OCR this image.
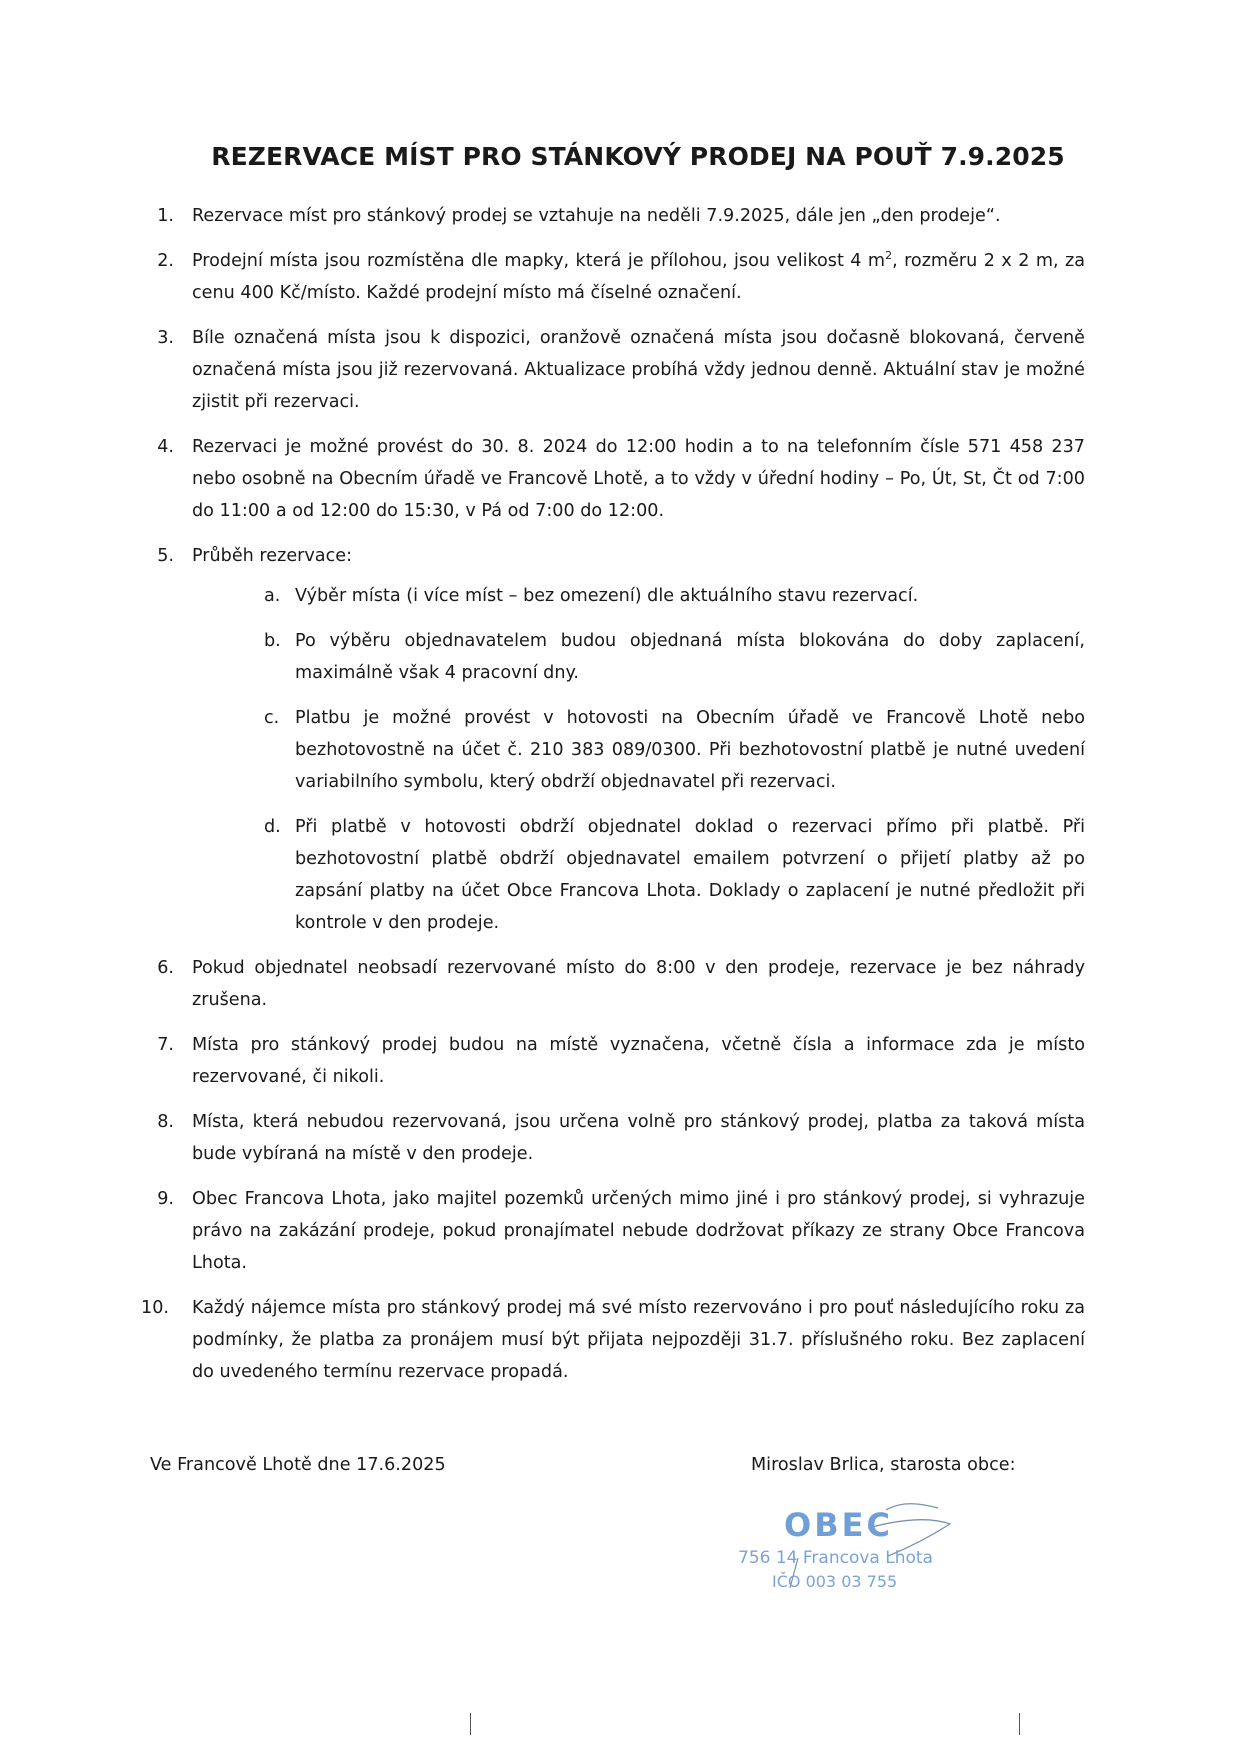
REZERVACE MÍST PRO STÁNKOVÝ PRODEJ NA POUŤ 7.9.2025
1. Rezervace míst pro stánkový prodej se vztahuje na neděli 7.9.2025, dále jen „den prodeje“.
2. Prodejní místa jsou rozmístěna dle mapky, která je přílohou, jsou velikost 4 $m^2$, rozměru 2 x 2 m, za cenu 400 Kč/místo. Každé prodejní místo má číselné označení.
3. Bíle označená místa jsou k dispozici, oranžově označená místa jsou dočasně blokovaná, červeně označená místa jsou již rezervovaná. Aktualizace probíhá vždy jednou denně. Aktuální stav je možné zjistit při rezervaci.
4. Rezervaci je možné provést do 30. 8. 2024 do 12:00 hodin a to na telefonním čísle 571 458 237 nebo osobně na Obecním úřadě ve Francově Lhotě, a to vždy v úřední hodiny – Po, Út, St, Čt od 7:00 do 11:00 a od 12:00 do 15:30, v Pá od 7:00 do 12:00.
5. Průběh rezervace:
a. Výběr místa (i více míst – bez omezení) dle aktuálního stavu rezervací.
b. Po výběru objednavatelem budou objednaná místa blokována do doby zaplacení, maximálně však 4 pracovní dny.
c. Platbu je možné provést v hotovosti na Obecním úřadě ve Francově Lhotě nebo bezhotovostně na účet č. 210 383 089/0300. Při bezhotovostní platbě je nutné uvedení variabilního symbolu, který obdrží objednavatel při rezervaci.
d. Při platbě v hotovosti obdrží objednatel doklad o rezervaci přímo při platbě. Při bezhotovostní platbě obdrží objednavatel emailem potvrzení o přijetí platby až po zapsání platby na účet Obce Francova Lhota. Doklady o zaplacení je nutné předložit při kontrole v den prodeje.
6. Pokud objednatel neobsadí rezervované místo do 8:00 v den prodeje, rezervace je bez náhrady zrušena.
7. Místa pro stánkový prodej budou na místě vyznačena, včetně čísla a informace zda je místo rezervované, či nikoli.
8. Místa, která nebudou rezervovaná, jsou určena volně pro stánkový prodej, platba za taková místa bude vybíraná na místě v den prodeje.
9. Obec Francova Lhota, jako majitel pozemků určených mimo jiné i pro stánkový prodej, si vyhrazuje právo na zakázání prodeje, pokud pronajímatel nebude dodržovat příkazy ze strany Obce Francova Lhota.
10. Každý nájemce místa pro stánkový prodej má své místo rezervováno i pro pouť následujícího roku za podmínky, že platba za pronájem musí být přijata nejpozději 31.7. příslušného roku. Bez zaplacení do uvedeného termínu rezervace propadá.
Ve Francově Lhotě dne 17.6.2025	Miroslav Brlica, starosta obce:
OBEC
756 14 Francova Lhota
IČO 003 03 755
